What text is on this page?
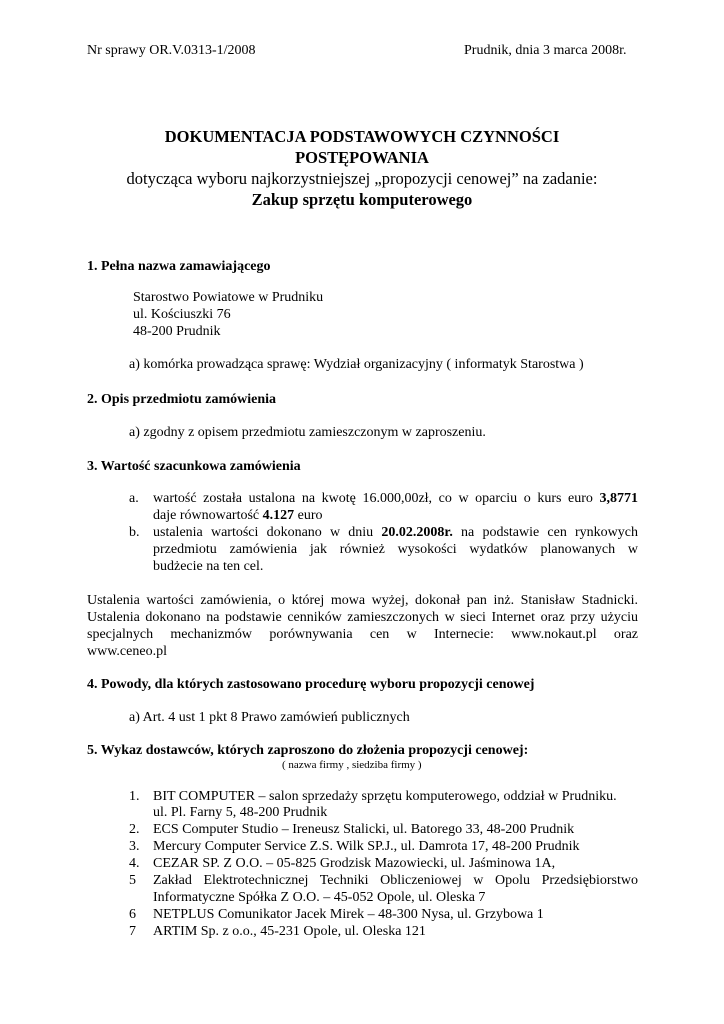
Nr sprawy OR.V.0313-1/2008	Prudnik, dnia 3 marca 2008r.
DOKUMENTACJA PODSTAWOWYCH CZYNNOŚCI
POSTĘPOWANIA
dotycząca wyboru najkorzystniejszej „propozycji cenowej” na zadanie:
Zakup sprzętu komputerowego
1. Pełna nazwa zamawiającego
Starostwo Powiatowe w Prudniku
ul. Kościuszki 76
48-200 Prudnik
a) komórka prowadząca sprawę: Wydział organizacyjny ( informatyk Starostwa )
2. Opis przedmiotu zamówienia
a) zgodny z opisem przedmiotu zamieszczonym w zaproszeniu.
3. Wartość szacunkowa zamówienia
a. wartość została ustalona na kwotę 16.000,00zł, co w oparciu o kurs euro 3,8771
daje równowartość 4.127 euro
b. ustalenia wartości dokonano w dniu 20.02.2008r. na podstawie cen rynkowych
przedmiotu zamówienia jak również wysokości wydatków planowanych w
budżecie na ten cel.
Ustalenia wartości zamówienia, o której mowa wyżej, dokonał pan inż. Stanisław Stadnicki.
Ustalenia dokonano na podstawie cenników zamieszczonych w sieci Internet oraz przy użyciu
specjalnych mechanizmów porównywania cen w Internecie: www.nokaut.pl oraz
www.ceneo.pl
4. Powody, dla których zastosowano procedurę wyboru propozycji cenowej
a) Art. 4 ust 1 pkt 8 Prawo zamówień publicznych
5. Wykaz dostawców, których zaproszono do złożenia propozycji cenowej:
( nazwa firmy , siedziba firmy )
1. BIT COMPUTER – salon sprzedaży sprzętu komputerowego, oddział w Prudniku.
ul. Pl. Farny 5, 48-200 Prudnik
2. ECS Computer Studio – Ireneusz Stalicki, ul. Batorego 33, 48-200 Prudnik
3. Mercury Computer Service Z.S. Wilk SP.J., ul. Damrota 17, 48-200 Prudnik
4. CEZAR SP. Z O.O. – 05-825 Grodzisk Mazowiecki, ul. Jaśminowa 1A,
5 Zakład Elektrotechnicznej Techniki Obliczeniowej w Opolu Przedsiębiorstwo
Informatyczne Spółka Z O.O. – 45-052 Opole, ul. Oleska 7
6 NETPLUS Comunikator Jacek Mirek – 48-300 Nysa, ul. Grzybowa 1
7 ARTIM Sp. z o.o., 45-231 Opole, ul. Oleska 121
